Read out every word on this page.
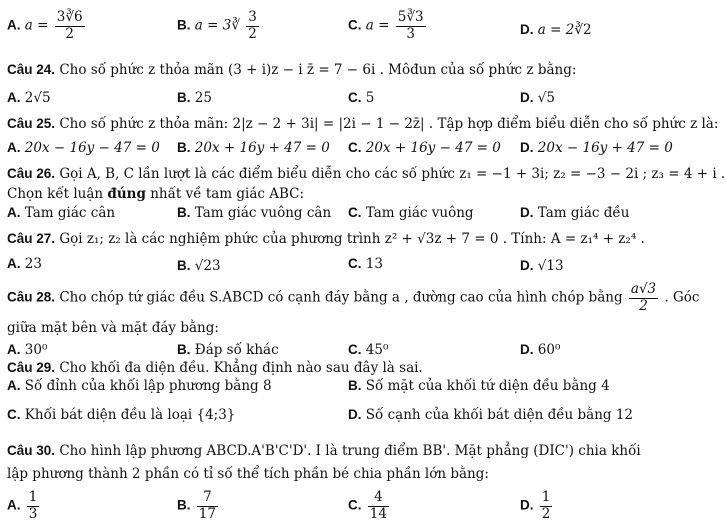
A. $a = \frac{3∛6}{2}$	B. a = 3∛ $\frac{3}{2}$	C. $a = \frac{5∛3}{3}$	D. a = 2∛2
Câu 24. Cho số phức z thỏa mãn (3 + i)z − i z̄ = 7 − 6i . Môđun của số phức z bằng:
A. 2√5	B. 25	C. 5	D. √5
Câu 25. Cho số phức z thỏa mãn: 2|z − 2 + 3i| = |2i − 1 − 2z̄| . Tập hợp điểm biểu diễn cho số phức z là:
A. 20x − 16y − 47 = 0 B. 20x + 16y + 47 = 0 C. 20x + 16y − 47 = 0 D. 20x − 16y + 47 = 0
Câu 26. Gọi A, B, C lần lượt là các điểm biểu diễn cho các số phức z₁ = −1 + 3i; z₂ = −3 − 2i ; z₃ = 4 + i .
Chọn kết luận đúng nhất về tam giác ABC:
A. Tam giác cân	B. Tam giác vuông cân C. Tam giác vuông	D. Tam giác đều
Câu 27. Gọi z₁; z₂ là các nghiệm phức của phương trình z² + √3z + 7 = 0 . Tính: A = z₁⁴ + z₂⁴ .
A. 23	B. √23	C. 13	D. √13
Câu 28. Cho chóp tứ giác đều S.ABCD có cạnh đáy bằng a , đường cao của hình chóp bằng $\frac{a√3}{2}$ . Góc
giữa mặt bên và mặt đáy bằng:
A. 30⁰	B. Đáp số khác	C. 45⁰	D. 60⁰
Câu 29. Cho khối đa diện đều. Khẳng định nào sau đây là sai.
A. Số đỉnh của khối lập phương bằng 8	B. Số mặt của khối tứ diện đều bằng 4
C. Khối bát diện đều là loại {4;3}	D. Số cạnh của khối bát diện đều bằng 12
Câu 30. Cho hình lập phương ABCD.A'B'C'D'. I là trung điểm BB'. Mặt phẳng (DIC') chia khối
lập phương thành 2 phần có tỉ số thể tích phần bé chia phần lớn bằng:
A. $\frac{1}{3}$	B. $\frac{7}{17}$	C. $\frac{4}{14}$	D. $\frac{1}{2}$
